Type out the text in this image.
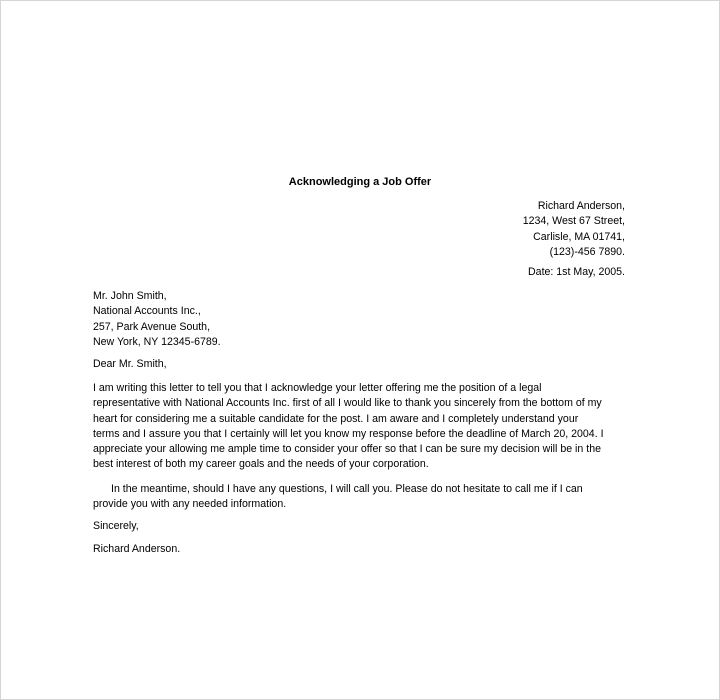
Acknowledging a Job Offer
Richard Anderson,
1234, West 67 Street,
Carlisle, MA 01741,
(123)-456 7890.
Date: 1st May, 2005.
Mr. John Smith,
National Accounts Inc.,
257, Park Avenue South,
New York, NY 12345-6789.
Dear Mr. Smith,
I am writing this letter to tell you that I acknowledge your letter offering me the position of a legal
representative with National Accounts Inc. first of all I would like to thank you sincerely from the bottom of my
heart for considering me a suitable candidate for the post. I am aware and I completely understand your
terms and I assure you that I certainly will let you know my response before the deadline of March 20, 2004. I
appreciate your allowing me ample time to consider your offer so that I can be sure my decision will be in the
best interest of both my career goals and the needs of your corporation.
In the meantime, should I have any questions, I will call you. Please do not hesitate to call me if I can
provide you with any needed information.
Sincerely,
Richard Anderson.
